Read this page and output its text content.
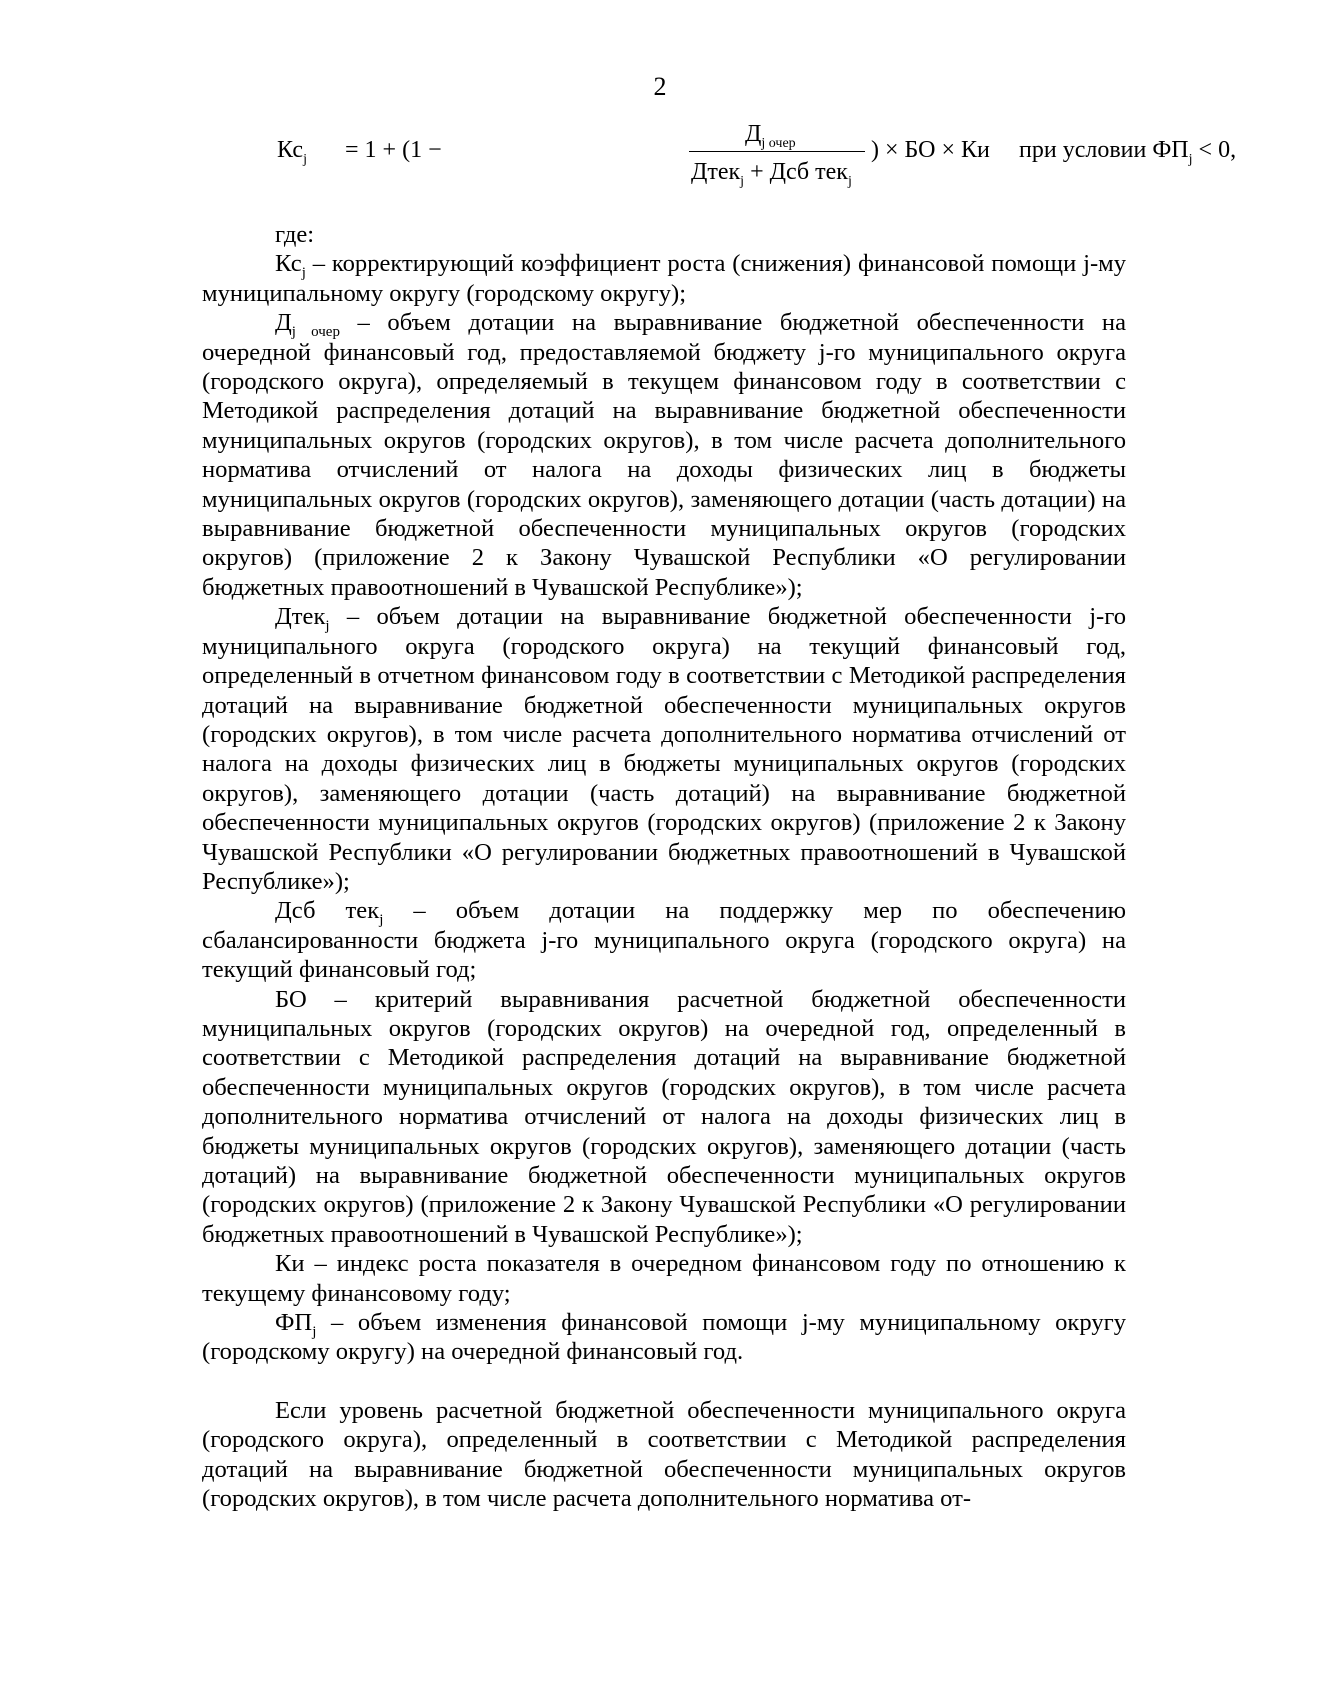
2
$Кс_j = 1 + (1$ −
$Д_{j очер}$
Дтек$_j$ + Дсб тек$_j$
) × БО × Ки при условии $ФП_j < 0$,

где:

$Кс_j$ – корректирующий коэффициент роста (снижения) финансовой помощи j-му муниципальному округу (городскому округу);

$Д_{j очер}$ – объем дотации на выравнивание бюджетной обеспеченности на очередной финансовый год, предоставляемой бюджету j-го муниципального округа (городского округа), определяемый в текущем финансовом году в соответствии с Методикой распределения дотаций на выравнивание бюджетной обеспеченности муниципальных округов (городских округов), в том числе расчета дополнительного норматива отчислений от налога на доходы физических лиц в бюджеты муниципальных округов (городских округов), заменяющего дотации (часть дотации) на выравнивание бюджетной обеспеченности муниципальных округов (городских округов) (приложение 2 к Закону Чувашской Республики «О регулировании бюджетных правоотношений в Чувашской Республике»);

Дтек$_j$ – объем дотации на выравнивание бюджетной обеспеченности j-го муниципального округа (городского округа) на текущий финансовый год, определенный в отчетном финансовом году в соответствии с Методикой распределения дотаций на выравнивание бюджетной обеспеченности муниципальных округов (городских округов), в том числе расчета дополнительного норматива отчислений от налога на доходы физических лиц в бюджеты муниципальных округов (городских округов), заменяющего дотации (часть дотаций) на выравнивание бюджетной обеспеченности муниципальных округов (городских округов) (приложение 2 к Закону Чувашской Республики «О регулировании бюджетных правоотношений в Чувашской Республике»);

Дсб тек$_j$ – объем дотации на поддержку мер по обеспечению сбалансированности бюджета j-го муниципального округа (городского округа) на текущий финансовый год;

БО – критерий выравнивания расчетной бюджетной обеспеченности муниципальных округов (городских округов) на очередной год, определенный в соответствии с Методикой распределения дотаций на выравнивание бюджетной обеспеченности муниципальных округов (городских округов), в том числе расчета дополнительного норматива отчислений от налога на доходы физических лиц в бюджеты муниципальных округов (городских округов), заменяющего дотации (часть дотаций) на выравнивание бюджетной обеспеченности муниципальных округов (городских округов) (приложение 2 к Закону Чувашской Республики «О регулировании бюджетных правоотношений в Чувашской Республике»);

Ки – индекс роста показателя в очередном финансовом году по отношению к текущему финансовому году;

$ФП_j$ – объем изменения финансовой помощи j-му муниципальному округу (городскому округу) на очередной финансовый год.

Если уровень расчетной бюджетной обеспеченности муниципального округа (городского округа), определенный в соответствии с Методикой распределения дотаций на выравнивание бюджетной обеспеченности муниципальных округов (городских округов), в том числе расчета дополнительного норматива от-
